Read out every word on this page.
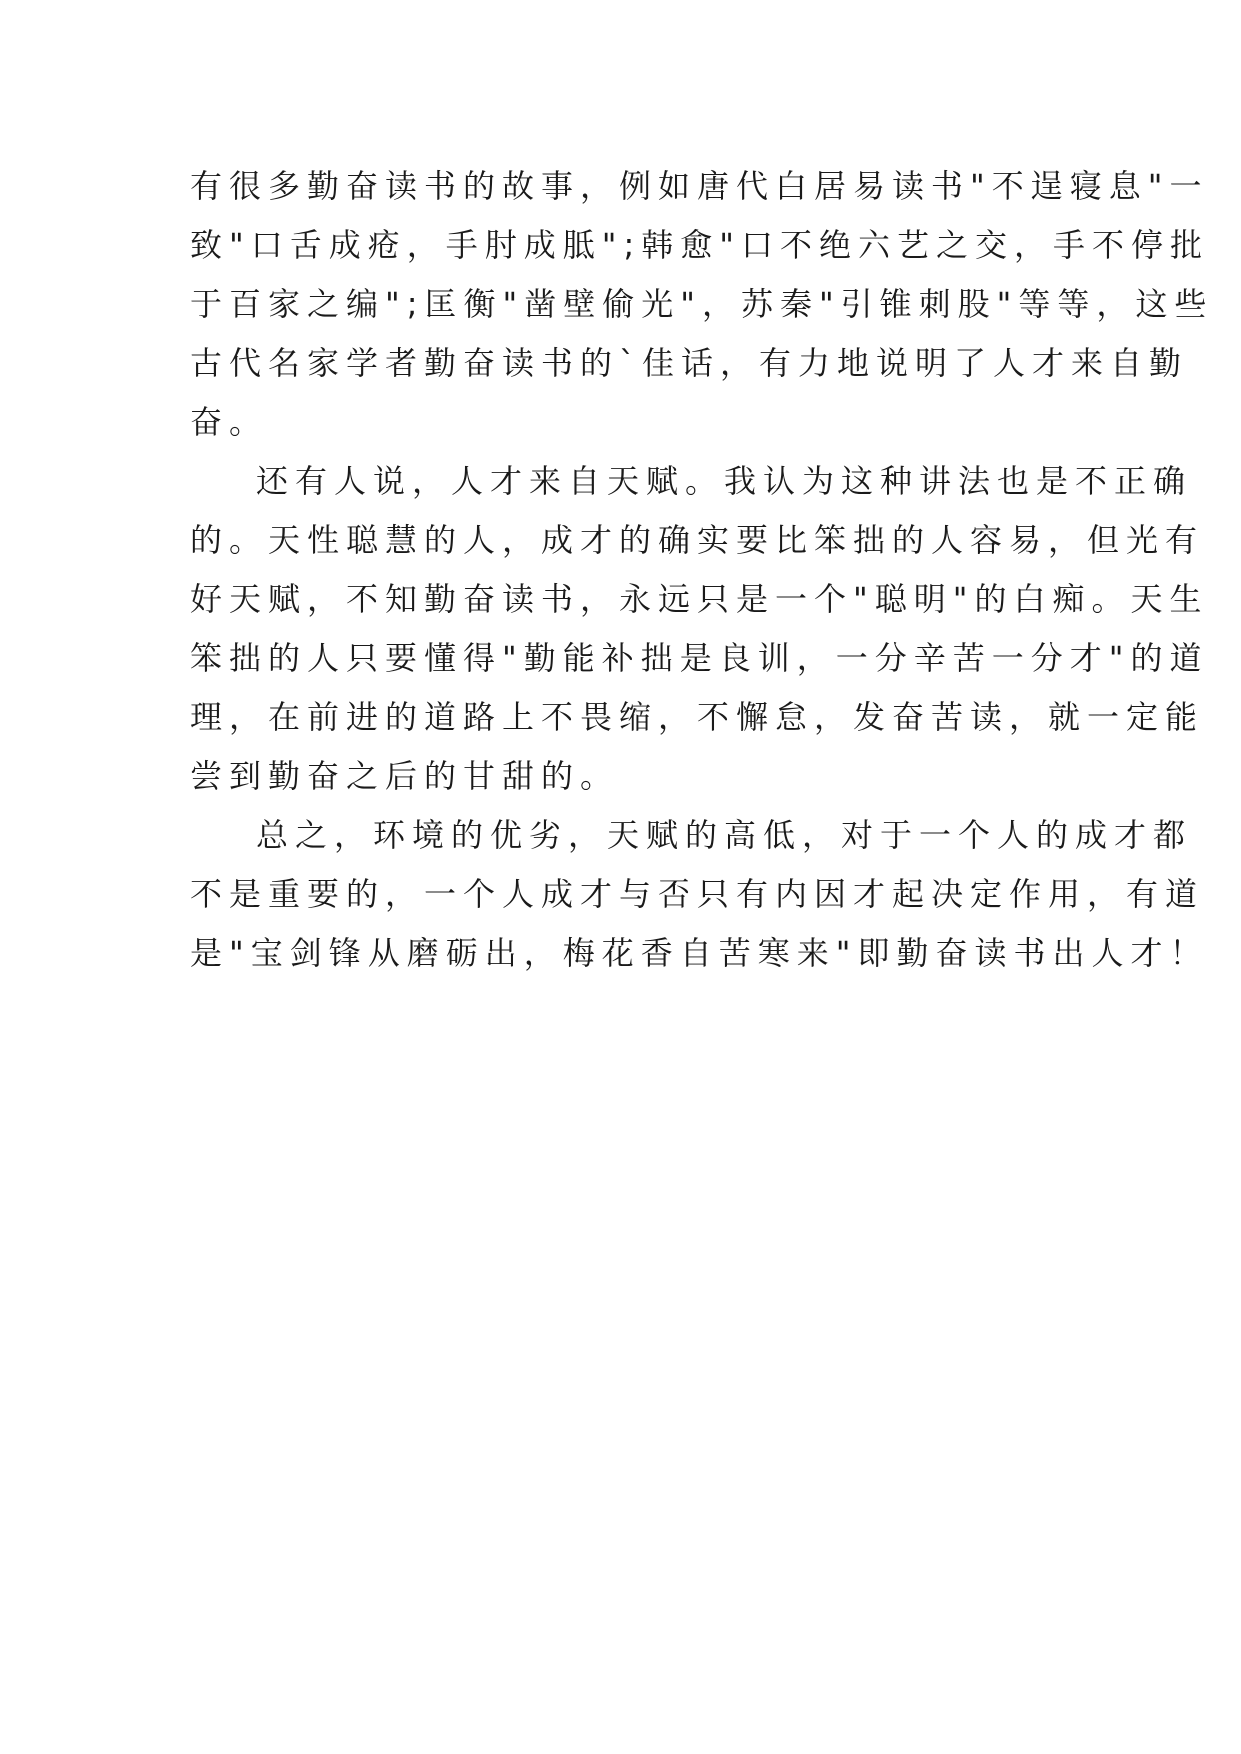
有很多勤奋读书的故事，例如唐代白居易读书"不逞寝息"一
致"口舌成疮，手肘成胝";韩愈"口不绝六艺之交，手不停批
于百家之编";匡衡"凿壁偷光"，苏秦"引锥刺股"等等，这些
古代名家学者勤奋读书的`佳话，有力地说明了人才来自勤
奋。
还有人说，人才来自天赋。我认为这种讲法也是不正确
的。天性聪慧的人，成才的确实要比笨拙的人容易，但光有
好天赋，不知勤奋读书，永远只是一个"聪明"的白痴。天生
笨拙的人只要懂得"勤能补拙是良训，一分辛苦一分才"的道
理，在前进的道路上不畏缩，不懈怠，发奋苦读，就一定能
尝到勤奋之后的甘甜的。
总之，环境的优劣，天赋的高低，对于一个人的成才都
不是重要的，一个人成才与否只有内因才起决定作用，有道
是"宝剑锋从磨砺出，梅花香自苦寒来"即勤奋读书出人才！
